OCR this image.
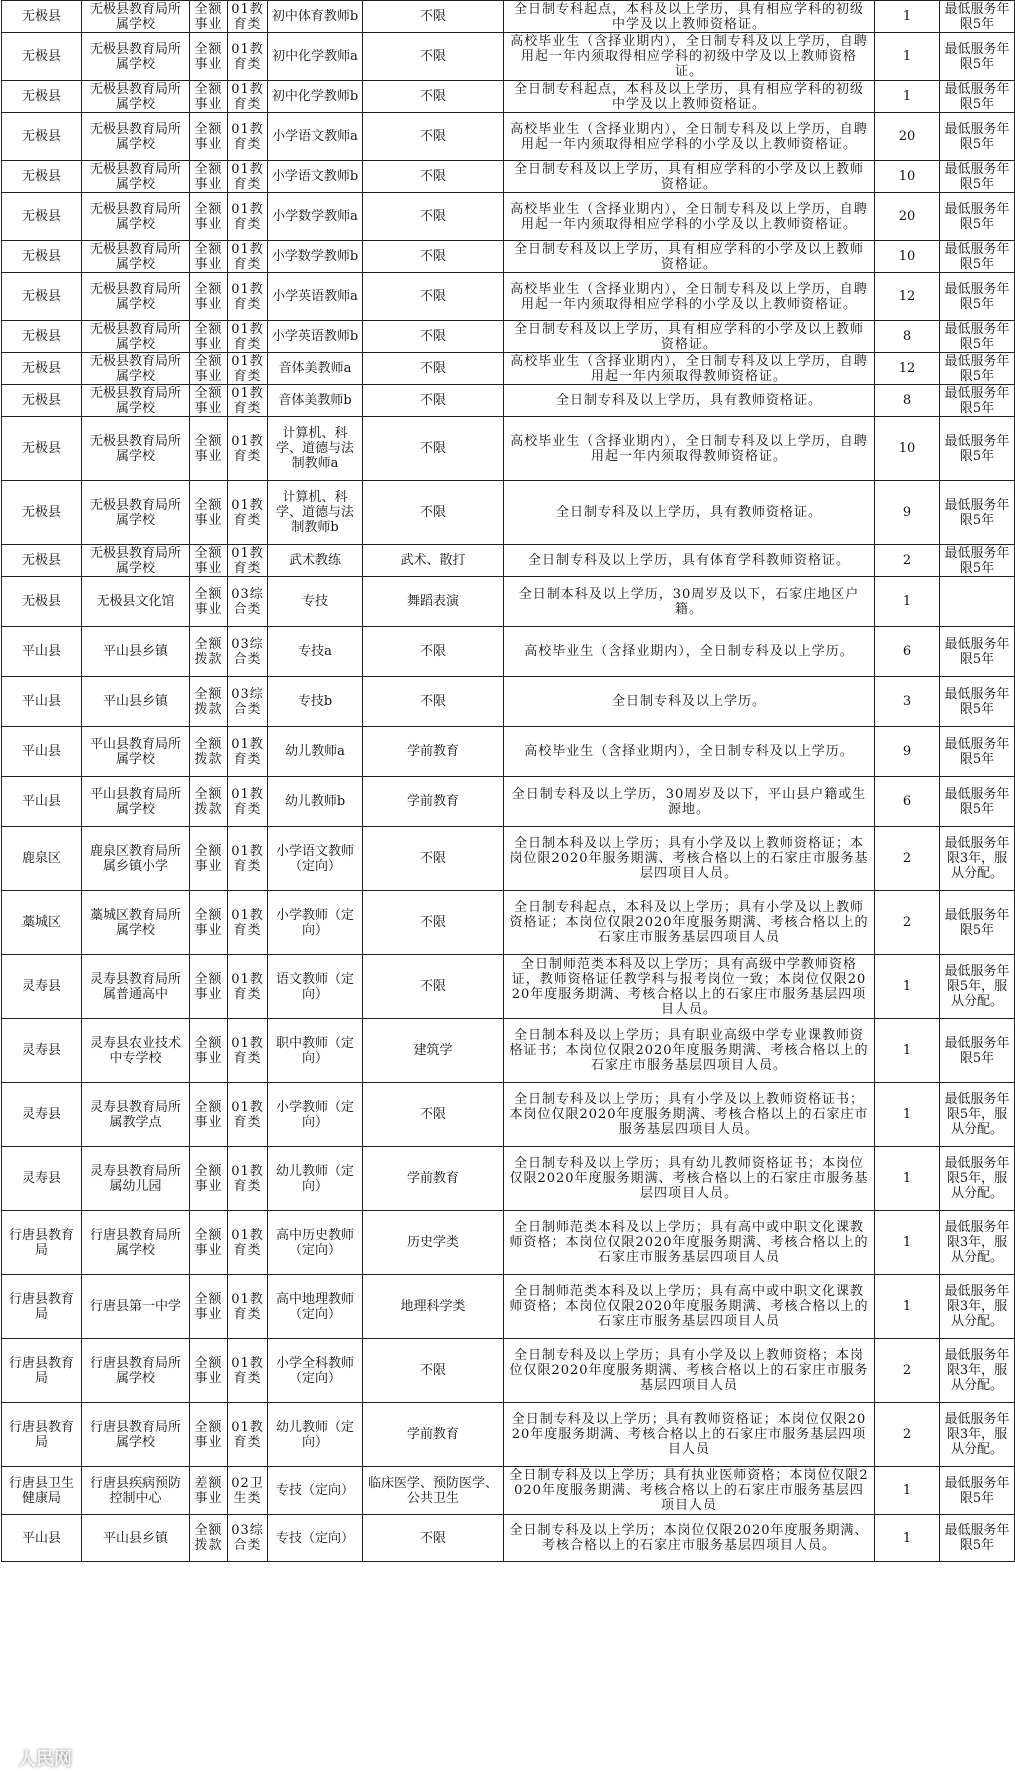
无极县	无极县教育局所属学校	全额事业	01教育类	初中体育教师b	不限	全日制专科起点，本科及以上学历，具有相应学科的初级中学及以上教师资格证。	1	最低服务年限5年
无极县	无极县教育局所属学校	全额事业	01教育类	初中化学教师a	不限	高校毕业生（含择业期内），全日制专科及以上学历，自聘用起一年内须取得相应学科的初级中学及以上教师资格证。	1	最低服务年限5年
无极县	无极县教育局所属学校	全额事业	01教育类	初中化学教师b	不限	全日制专科起点，本科及以上学历，具有相应学科的初级中学及以上教师资格证。	1	最低服务年限5年
无极县	无极县教育局所属学校	全额事业	01教育类	小学语文教师a	不限	高校毕业生（含择业期内），全日制专科及以上学历，自聘用起一年内须取得相应学科的小学及以上教师资格证。	20	最低服务年限5年
无极县	无极县教育局所属学校	全额事业	01教育类	小学语文教师b	不限	全日制专科及以上学历，具有相应学科的小学及以上教师资格证。	10	最低服务年限5年
无极县	无极县教育局所属学校	全额事业	01教育类	小学数学教师a	不限	高校毕业生（含择业期内），全日制专科及以上学历，自聘用起一年内须取得相应学科的小学及以上教师资格证。	20	最低服务年限5年
无极县	无极县教育局所属学校	全额事业	01教育类	小学数学教师b	不限	全日制专科及以上学历，具有相应学科的小学及以上教师资格证。	10	最低服务年限5年
无极县	无极县教育局所属学校	全额事业	01教育类	小学英语教师a	不限	高校毕业生（含择业期内），全日制专科及以上学历，自聘用起一年内须取得相应学科的小学及以上教师资格证。	12	最低服务年限5年
无极县	无极县教育局所属学校	全额事业	01教育类	小学英语教师b	不限	全日制专科及以上学历，具有相应学科的小学及以上教师资格证。	8	最低服务年限5年
无极县	无极县教育局所属学校	全额事业	01教育类	音体美教师a	不限	高校毕业生（含择业期内），全日制专科及以上学历，自聘用起一年内须取得教师资格证。	12	最低服务年限5年
无极县	无极县教育局所属学校	全额事业	01教育类	音体美教师b	不限	全日制专科及以上学历，具有教师资格证。	8	最低服务年限5年
无极县	无极县教育局所属学校	全额事业	01教育类	计算机、科学、道德与法制教师a	不限	高校毕业生（含择业期内），全日制专科及以上学历，自聘用起一年内须取得教师资格证。	10	最低服务年限5年
无极县	无极县教育局所属学校	全额事业	01教育类	计算机、科学、道德与法制教师b	不限	全日制专科及以上学历，具有教师资格证。	9	最低服务年限5年
无极县	无极县教育局所属学校	全额事业	01教育类	武术教练	武术、散打	全日制专科及以上学历，具有体育学科教师资格证。	2	最低服务年限5年
无极县	无极县文化馆	全额事业	03综合类	专技	舞蹈表演	全日制本科及以上学历，30周岁及以下，石家庄地区户籍。	1	
平山县	平山县乡镇	全额拨款	03综合类	专技a	不限	高校毕业生（含择业期内），全日制专科及以上学历。	6	最低服务年限5年
平山县	平山县乡镇	全额拨款	03综合类	专技b	不限	全日制专科及以上学历。	3	最低服务年限5年
平山县	平山县教育局所属学校	全额拨款	01教育类	幼儿教师a	学前教育	高校毕业生（含择业期内），全日制专科及以上学历。	9	最低服务年限5年
平山县	平山县教育局所属学校	全额拨款	01教育类	幼儿教师b	学前教育	全日制专科及以上学历，30周岁及以下，平山县户籍或生源地。	6	最低服务年限5年
鹿泉区	鹿泉区教育局所属乡镇小学	全额事业	01教育类	小学语文教师（定向）	不限	全日制本科及以上学历；具有小学及以上教师资格证；本岗位限2020年服务期满、考核合格以上的石家庄市服务基层四项目人员。	2	最低服务年限3年，服从分配。
藁城区	藁城区教育局所属学校	全额事业	01教育类	小学教师（定向）	不限	全日制专科起点，本科及以上学历；具有小学及以上教师资格证；本岗位仅限2020年度服务期满、考核合格以上的石家庄市服务基层四项目人员	2	最低服务年限5年
灵寿县	灵寿县教育局所属普通高中	全额事业	01教育类	语文教师（定向）	不限	全日制师范类本科及以上学历；具有高级中学教师资格证，教师资格证任教学科与报考岗位一致；本岗位仅限2020年度服务期满、考核合格以上的石家庄市服务基层四项目人员。	1	最低服务年限5年，服从分配。
灵寿县	灵寿县农业技术中专学校	全额事业	01教育类	职中教师（定向）	建筑学	全日制本科及以上学历；具有职业高级中学专业课教师资格证书；本岗位仅限2020年度服务期满、考核合格以上的石家庄市服务基层四项目人员。	1	最低服务年限5年
灵寿县	灵寿县教育局所属教学点	全额事业	01教育类	小学教师（定向）	不限	全日制专科及以上学历；具有小学及以上教师资格证书；本岗位仅限2020年度服务期满、考核合格以上的石家庄市服务基层四项目人员。	1	最低服务年限5年，服从分配。
灵寿县	灵寿县教育局所属幼儿园	全额事业	01教育类	幼儿教师（定向）	学前教育	全日制专科及以上学历；具有幼儿教师资格证书；本岗位仅限2020年度服务期满、考核合格以上的石家庄市服务基层四项目人员。	1	最低服务年限5年，服从分配。
行唐县教育局	行唐县教育局所属学校	全额事业	01教育类	高中历史教师（定向）	历史学类	全日制师范类本科及以上学历；具有高中或中职文化课教师资格；本岗位仅限2020年度服务期满、考核合格以上的石家庄市服务基层四项目人员	1	最低服务年限3年，服从分配。
行唐县教育局	行唐县第一中学	全额事业	01教育类	高中地理教师（定向）	地理科学类	全日制师范类本科及以上学历；具有高中或中职文化课教师资格；本岗位仅限2020年度服务期满、考核合格以上的石家庄市服务基层四项目人员	1	最低服务年限3年，服从分配。
行唐县教育局	行唐县教育局所属学校	全额事业	01教育类	小学全科教师（定向）	不限	全日制专科及以上学历；具有小学及以上教师资格；本岗位仅限2020年度服务期满、考核合格以上的石家庄市服务基层四项目人员	2	最低服务年限3年，服从分配。
行唐县教育局	行唐县教育局所属学校	全额事业	01教育类	幼儿教师（定向）	学前教育	全日制专科及以上学历；具有教师资格证；本岗位仅限2020年度服务期满、考核合格以上的石家庄市服务基层四项目人员	2	最低服务年限3年，服从分配。
行唐县卫生健康局	行唐县疾病预防控制中心	差额事业	02卫生类	专技（定向）	临床医学、预防医学、公共卫生	全日制专科及以上学历；具有执业医师资格；本岗位仅限2020年度服务期满、考核合格以上的石家庄市服务基层四项目人员	1	最低服务年限5年
平山县	平山县乡镇	全额拨款	03综合类	专技（定向）	不限	全日制专科及以上学历；本岗位仅限2020年度服务期满、考核合格以上的石家庄市服务基层四项目人员。	1	最低服务年限5年
人民网
